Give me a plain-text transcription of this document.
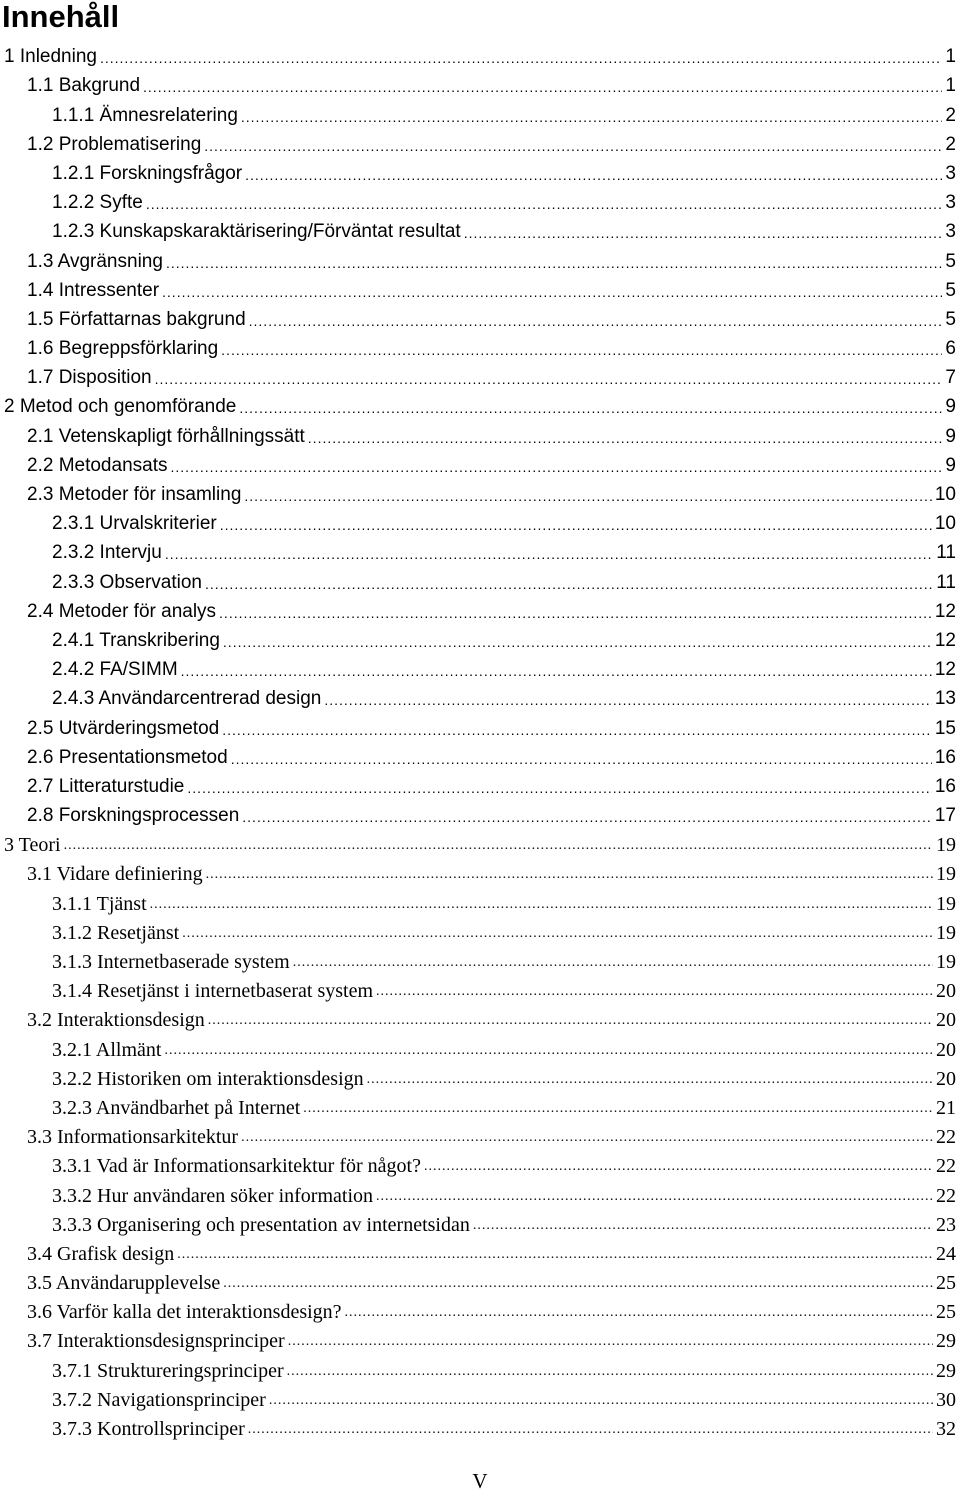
Innehåll
1 Inledning .....	1
1.1 Bakgrund .....	1
1.1.1 Ämnesrelatering .....	2
1.2 Problematisering .....	2
1.2.1 Forskningsfrågor .....	3
1.2.2 Syfte .....	3
1.2.3 Kunskapskaraktärisering/Förväntat resultat .....	3
1.3 Avgränsning .....	5
1.4 Intressenter .....	5
1.5 Författarnas bakgrund .....	5
1.6 Begreppsförklaring .....	6
1.7 Disposition .....	7
2 Metod och genomförande .....	9
2.1 Vetenskapligt förhållningssätt .....	9
2.2 Metodansats .....	9
2.3 Metoder för insamling .....	10
2.3.1 Urvalskriterier .....	10
2.3.2 Intervju .....	11
2.3.3 Observation .....	11
2.4 Metoder för analys .....	12
2.4.1 Transkribering .....	12
2.4.2 FA/SIMM .....	12
2.4.3 Användarcentrerad design .....	13
2.5 Utvärderingsmetod .....	15
2.6 Presentationsmetod .....	16
2.7 Litteraturstudie .....	16
2.8 Forskningsprocessen .....	17
3 Teori .....	19
3.1 Vidare definiering .....	19
3.1.1 Tjänst .....	19
3.1.2 Resetjänst .....	19
3.1.3 Internetbaserade system .....	19
3.1.4 Resetjänst i internetbaserat system .....	20
3.2 Interaktionsdesign .....	20
3.2.1 Allmänt .....	20
3.2.2 Historiken om interaktionsdesign .....	20
3.2.3 Användbarhet på Internet .....	21
3.3 Informationsarkitektur .....	22
3.3.1 Vad är Informationsarkitektur för något? .....	22
3.3.2 Hur användaren söker information .....	22
3.3.3 Organisering och presentation av internetsidan .....	23
3.4 Grafisk design .....	24
3.5 Användarupplevelse .....	25
3.6 Varför kalla det interaktionsdesign? .....	25
3.7 Interaktionsdesignsprinciper .....	29
3.7.1 Struktureringsprinciper .....	29
3.7.2 Navigationsprinciper .....	30
3.7.3 Kontrollsprinciper .....	32
V
